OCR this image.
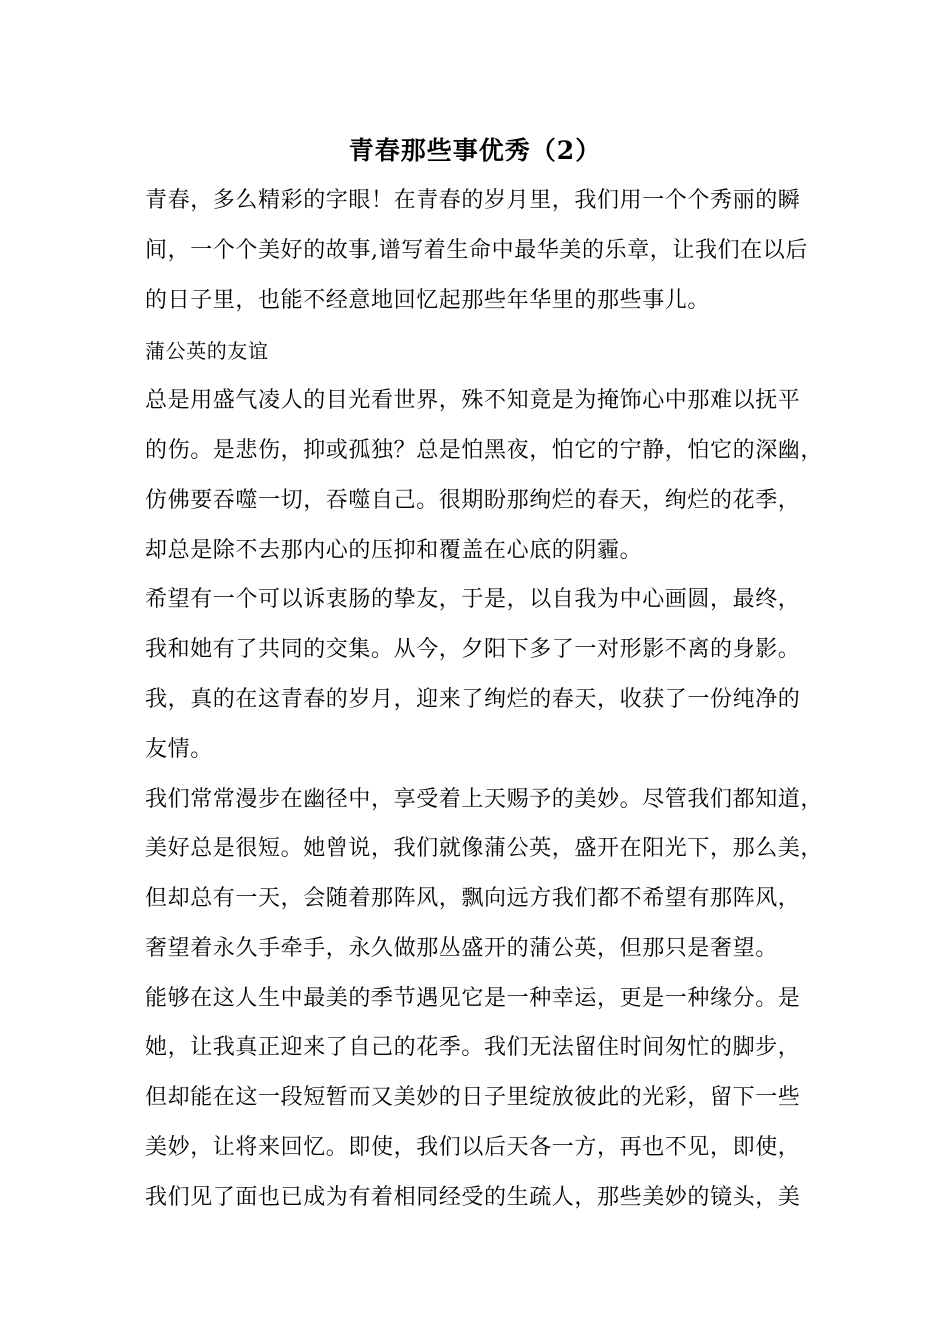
青春那些事优秀（2）
青春，多么精彩的字眼！在青春的岁月里，我们用一个个秀丽的瞬
间，一个个美好的故事,谱写着生命中最华美的乐章，让我们在以后
的日子里，也能不经意地回忆起那些年华里的那些事儿。
蒲公英的友谊
总是用盛气凌人的目光看世界，殊不知竟是为掩饰心中那难以抚平
的伤。是悲伤，抑或孤独？总是怕黑夜，怕它的宁静，怕它的深幽，
仿佛要吞噬一切，吞噬自己。很期盼那绚烂的春天，绚烂的花季，
却总是除不去那内心的压抑和覆盖在心底的阴霾。
希望有一个可以诉衷肠的挚友，于是，以自我为中心画圆，最终，
我和她有了共同的交集。从今，夕阳下多了一对形影不离的身影。
我，真的在这青春的岁月，迎来了绚烂的春天，收获了一份纯净的
友情。
我们常常漫步在幽径中，享受着上天赐予的美妙。尽管我们都知道，
美好总是很短。她曾说，我们就像蒲公英，盛开在阳光下，那么美，
但却总有一天，会随着那阵风，飘向远方我们都不希望有那阵风，
奢望着永久手牵手，永久做那丛盛开的蒲公英，但那只是奢望。
能够在这人生中最美的季节遇见它是一种幸运，更是一种缘分。是
她，让我真正迎来了自己的花季。我们无法留住时间匆忙的脚步，
但却能在这一段短暂而又美妙的日子里绽放彼此的光彩，留下一些
美妙，让将来回忆。即使，我们以后天各一方，再也不见，即使，
我们见了面也已成为有着相同经受的生疏人，那些美妙的镜头，美
